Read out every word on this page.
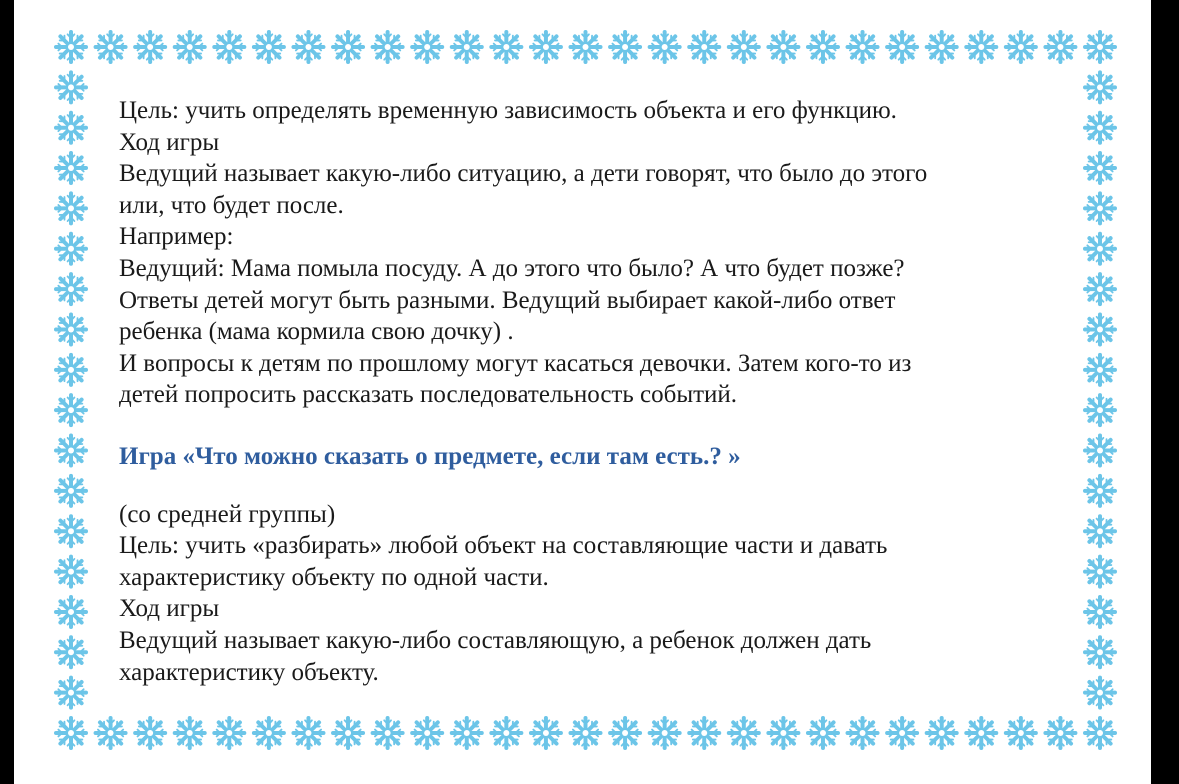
Цель: учить определять временную зависимость объекта и его функцию.
Ход игры
Ведущий называет какую-либо ситуацию, а дети говорят, что было до этого
или, что будет после.
Например:
Ведущий: Мама помыла посуду. А до этого что было? А что будет позже?
Ответы детей могут быть разными. Ведущий выбирает какой-либо ответ
ребенка (мама кормила свою дочку) .
И вопросы к детям по прошлому могут касаться девочки. Затем кого-то из
детей попросить рассказать последовательность событий.
Игра «Что можно сказать о предмете, если там есть.? »
(со средней группы)
Цель: учить «разбирать» любой объект на составляющие части и давать
характеристику объекту по одной части.
Ход игры
Ведущий называет какую-либо составляющую, а ребенок должен дать
характеристику объекту.
